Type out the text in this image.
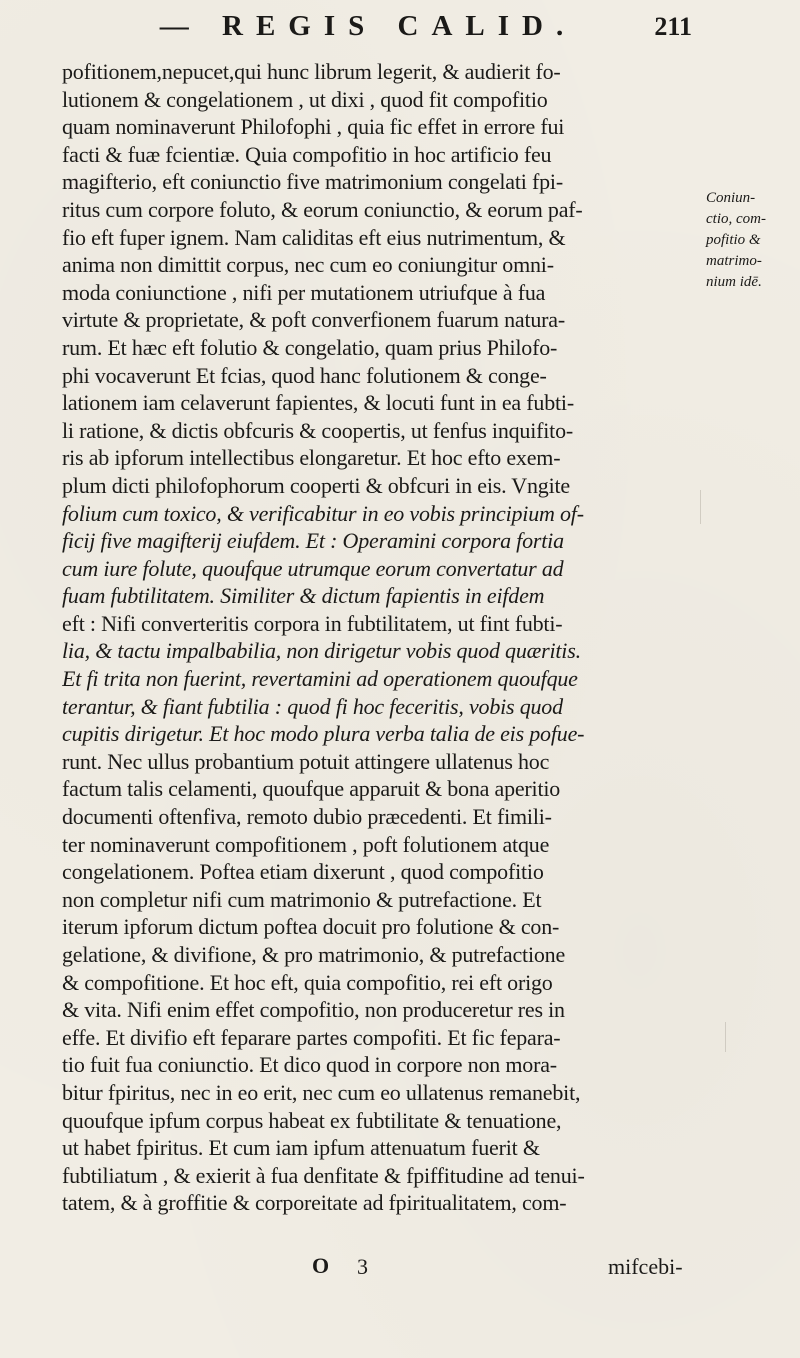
— REGIS CALID.	211
pofitionem,nepucet,qui hunc librum legerit, & audierit fo-
lutionem & congelationem , ut dixi , quod fit compofitio
quam nominaverunt Philofophi , quia fic effet in errore fui
facti & fuæ fcientiæ. Quia compofitio in hoc artificio feu
magifterio, eft coniunctio five matrimonium congelati fpi-
ritus cum corpore foluto, & eorum coniunctio, & eorum paf-
fio eft fuper ignem. Nam caliditas eft eius nutrimentum, &
anima non dimittit corpus, nec cum eo coniungitur omni-
moda coniunctione , nifi per mutationem utriufque à fua
virtute & proprietate, & poft converfionem fuarum natura-
rum. Et hæc eft folutio & congelatio, quam prius Philofo-
phi vocaverunt Et fcias, quod hanc folutionem & conge-
lationem iam celaverunt fapientes, & locuti funt in ea fubti-
li ratione, & dictis obfcuris & coopertis, ut fenfus inquifito-
ris ab ipforum intellectibus elongaretur. Et hoc efto exem-
plum dicti philofophorum cooperti & obfcuri in eis. Vngite
folium cum toxico, & verificabitur in eo vobis principium of-
ficij five magifterij eiufdem. Et : Operamini corpora fortia
cum iure folute, quoufque utrumque eorum convertatur ad
fuam fubtilitatem. Similiter & dictum fapientis in eifdem
eft : Nifi converteritis corpora in fubtilitatem, ut fint fubti-
lia, & tactu impalbabilia, non dirigetur vobis quod quæritis.
Et fi trita non fuerint, revertamini ad operationem quoufque
terantur, & fiant fubtilia : quod fi hoc feceritis, vobis quod
cupitis dirigetur. Et hoc modo plura verba talia de eis pofue-
runt. Nec ullus probantium potuit attingere ullatenus hoc
factum talis celamenti, quoufque apparuit & bona aperitio
documenti oftenfiva, remoto dubio præcedenti. Et fimili-
ter nominaverunt compofitionem , poft folutionem atque
congelationem. Poftea etiam dixerunt , quod compofitio
non completur nifi cum matrimonio & putrefactione. Et
iterum ipforum dictum poftea docuit pro folutione & con-
gelatione, & divifione, & pro matrimonio, & putrefactione
& compofitione. Et hoc eft, quia compofitio, rei eft origo
& vita. Nifi enim effet compofitio, non produceretur res in
effe. Et divifio eft feparare partes compofiti. Et fic fepara-
tio fuit fua coniunctio. Et dico quod in corpore non mora-
bitur fpiritus, nec in eo erit, nec cum eo ullatenus remanebit,
quoufque ipfum corpus habeat ex fubtilitate & tenuatione,
ut habet fpiritus. Et cum iam ipfum attenuatum fuerit &
fubtiliatum , & exierit à fua denfitate & fpiffitudine ad tenui-
tatem, & à groffitie & corporeitate ad fpiritualitatem, com-
Coniun-
ctio, com-
pofitio &
matrimo-
nium idē.
O 3	mifcebi-
